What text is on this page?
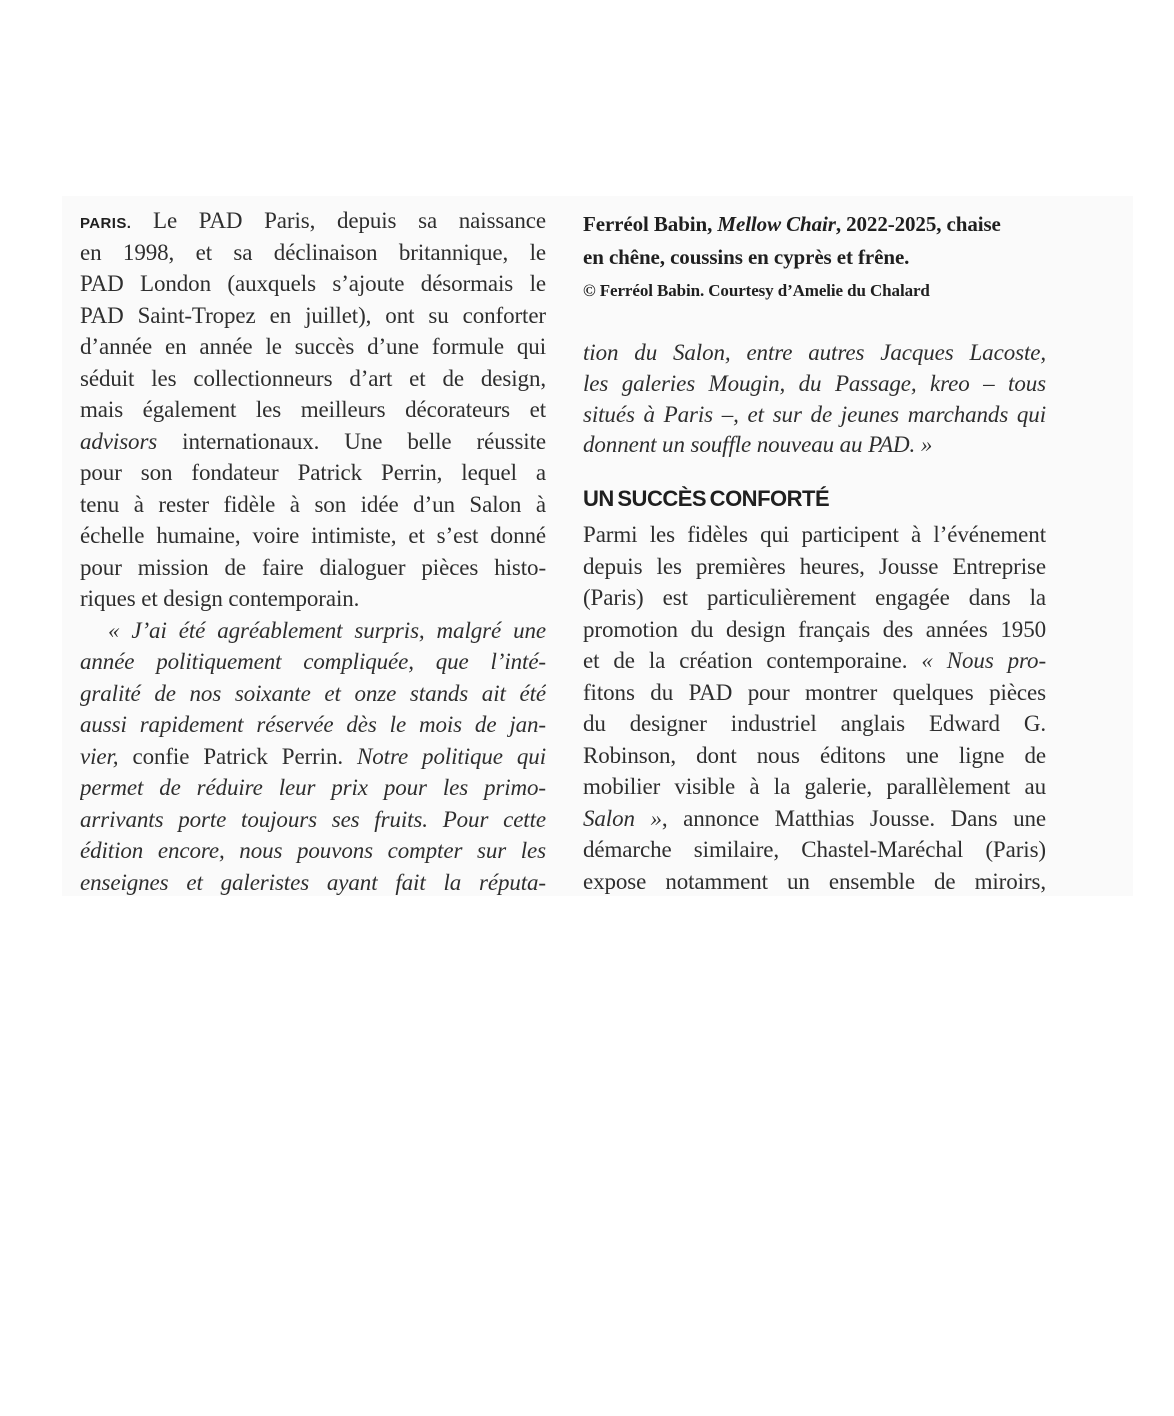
PARIS. Le PAD Paris, depuis sa naissance
en 1998, et sa déclinaison britannique, le
PAD London (auxquels s’ajoute désormais le
PAD Saint-Tropez en juillet), ont su conforter
d’année en année le succès d’une formule qui
séduit les collectionneurs d’art et de design,
mais également les meilleurs décorateurs et
advisors internationaux. Une belle réussite
pour son fondateur Patrick Perrin, lequel a
tenu à rester fidèle à son idée d’un Salon à
échelle humaine, voire intimiste, et s’est donné
pour mission de faire dialoguer pièces histo-
riques et design contemporain.
« J’ai été agréablement surpris, malgré une
année politiquement compliquée, que l’inté-
gralité de nos soixante et onze stands ait été
aussi rapidement réservée dès le mois de jan-
vier, confie Patrick Perrin. Notre politique qui
permet de réduire leur prix pour les primo-
arrivants porte toujours ses fruits. Pour cette
édition encore, nous pouvons compter sur les
enseignes et galeristes ayant fait la réputa-
Ferréol Babin, Mellow Chair, 2022-2025, chaise
en chêne, coussins en cyprès et frêne.
© Ferréol Babin. Courtesy d’Amelie du Chalard
tion du Salon, entre autres Jacques Lacoste,
les galeries Mougin, du Passage, kreo – tous
situés à Paris –, et sur de jeunes marchands qui
donnent un souffle nouveau au PAD. »
UN SUCCÈS CONFORTÉ
Parmi les fidèles qui participent à l’événement
depuis les premières heures, Jousse Entreprise
(Paris) est particulièrement engagée dans la
promotion du design français des années 1950
et de la création contemporaine. « Nous pro-
fitons du PAD pour montrer quelques pièces
du designer industriel anglais Edward G.
Robinson, dont nous éditons une ligne de
mobilier visible à la galerie, parallèlement au
Salon », annonce Matthias Jousse. Dans une
démarche similaire, Chastel-Maréchal (Paris)
expose notamment un ensemble de miroirs,
